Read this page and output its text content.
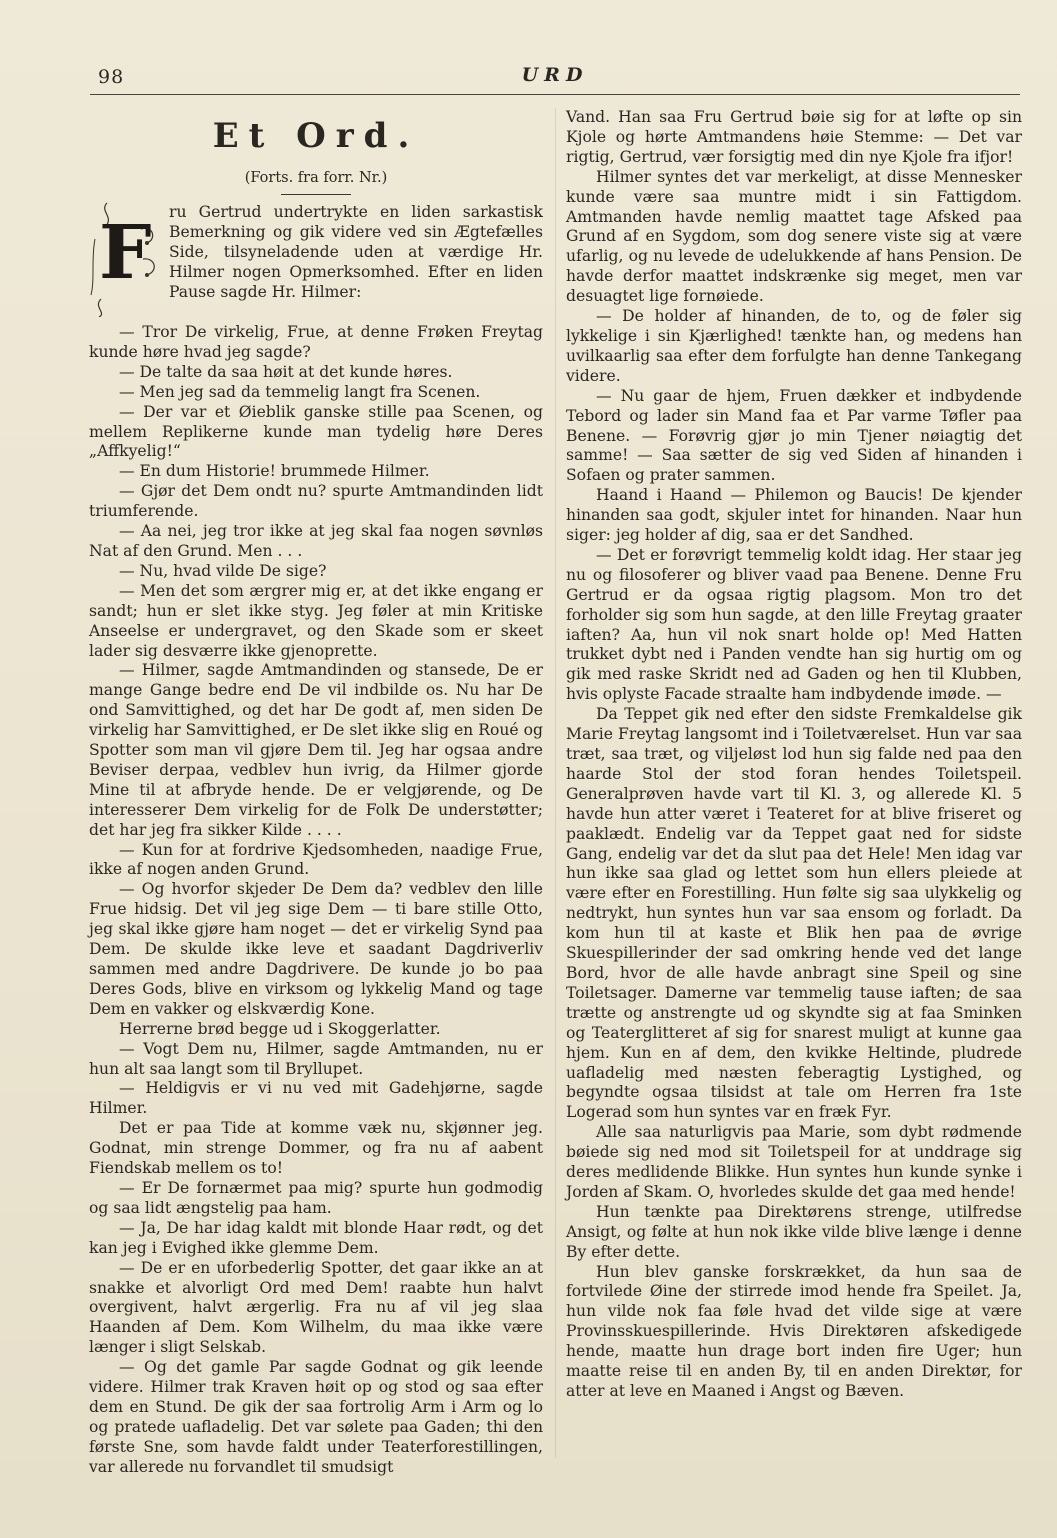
98	URD
Et Ord.
(Forts. fra forr. Nr.)
F	ru Gertrud undertrykte en liden sarkastisk Bemerkning og gik videre ved sin Ægtefælles Side, tilsyneladende uden at værdige Hr. Hilmer nogen Opmerksomhed. Efter en liden Pause sagde Hr. Hilmer:

— Tror De virkelig, Frue, at denne Frøken Freytag kunde høre hvad jeg sagde?

— De talte da saa høit at det kunde høres.

— Men jeg sad da temmelig langt fra Scenen.

— Der var et Øieblik ganske stille paa Scenen, og mellem Replikerne kunde man tydelig høre Deres „Affkyelig!“

— En dum Historie! brummede Hilmer.

— Gjør det Dem ondt nu? spurte Amtmandinden lidt triumferende.

— Aa nei, jeg tror ikke at jeg skal faa nogen søvnløs Nat af den Grund. Men . . .

— Nu, hvad vilde De sige?

— Men det som ærgrer mig er, at det ikke engang er sandt; hun er slet ikke styg. Jeg føler at min Kritiske Anseelse er undergravet, og den Skade som er skeet lader sig desværre ikke gjenoprette.

— Hilmer, sagde Amtmandinden og stansede, De er mange Gange bedre end De vil indbilde os. Nu har De ond Samvittighed, og det har De godt af, men siden De virkelig har Samvittighed, er De slet ikke slig en Roué og Spotter som man vil gjøre Dem til. Jeg har ogsaa andre Beviser derpaa, vedblev hun ivrig, da Hilmer gjorde Mine til at afbryde hende. De er velgjørende, og De interesserer Dem virkelig for de Folk De understøtter; det har jeg fra sikker Kilde . . . .

— Kun for at fordrive Kjedsomheden, naadige Frue, ikke af nogen anden Grund.

— Og hvorfor skjeder De Dem da? vedblev den lille Frue hidsig. Det vil jeg sige Dem — ti bare stille Otto, jeg skal ikke gjøre ham noget — det er virkelig Synd paa Dem. De skulde ikke leve et saadant Dagdriverliv sammen med andre Dagdrivere. De kunde jo bo paa Deres Gods, blive en virksom og lykkelig Mand og tage Dem en vakker og elskværdig Kone.

Herrerne brød begge ud i Skoggerlatter.

— Vogt Dem nu, Hilmer, sagde Amtmanden, nu er hun alt saa langt som til Bryllupet.

— Heldigvis er vi nu ved mit Gadehjørne, sagde Hilmer.

Det er paa Tide at komme væk nu, skjønner jeg. Godnat, min strenge Dommer, og fra nu af aabent Fiendskab mellem os to!

— Er De fornærmet paa mig? spurte hun godmodig og saa lidt ængstelig paa ham.

— Ja, De har idag kaldt mit blonde Haar rødt, og det kan jeg i Evighed ikke glemme Dem.

— De er en uforbederlig Spotter, det gaar ikke an at snakke et alvorligt Ord med Dem! raabte hun halvt overgivent, halvt ærgerlig. Fra nu af vil jeg slaa Haanden af Dem. Kom Wilhelm, du maa ikke være længer i sligt Selskab.

— Og det gamle Par sagde Godnat og gik leende videre. Hilmer trak Kraven høit op og stod og saa efter dem en Stund. De gik der saa fortrolig Arm i Arm og lo og pratede uafladelig. Det var sølete paa Gaden; thi den første Sne, som havde faldt under Teaterforestillingen, var allerede nu forvandlet til smudsigt

Vand. Han saa Fru Gertrud bøie sig for at løfte op sin Kjole og hørte Amtmandens høie Stemme: — Det var rigtig, Gertrud, vær forsigtig med din nye Kjole fra ifjor!

Hilmer syntes det var merkeligt, at disse Mennesker kunde være saa muntre midt i sin Fattigdom. Amtmanden havde nemlig maattet tage Afsked paa Grund af en Sygdom, som dog senere viste sig at være ufarlig, og nu levede de udelukkende af hans Pension. De havde derfor maattet indskrænke sig meget, men var desuagtet lige fornøiede.

— De holder af hinanden, de to, og de føler sig lykkelige i sin Kjærlighed! tænkte han, og medens han uvilkaarlig saa efter dem forfulgte han denne Tankegang videre.

— Nu gaar de hjem, Fruen dækker et indbydende Tebord og lader sin Mand faa et Par varme Tøfler paa Benene. — Forøvrig gjør jo min Tjener nøiagtig det samme! — Saa sætter de sig ved Siden af hinanden i Sofaen og prater sammen.

Haand i Haand — Philemon og Baucis! De kjender hinanden saa godt, skjuler intet for hinanden. Naar hun siger: jeg holder af dig, saa er det Sandhed.

— Det er forøvrigt temmelig koldt idag. Her staar jeg nu og filosoferer og bliver vaad paa Benene. Denne Fru Gertrud er da ogsaa rigtig plagsom. Mon tro det forholder sig som hun sagde, at den lille Freytag graater iaften? Aa, hun vil nok snart holde op! Med Hatten trukket dybt ned i Panden vendte han sig hurtig om og gik med raske Skridt ned ad Gaden og hen til Klubben, hvis oplyste Facade straalte ham indbydende imøde. —

Da Teppet gik ned efter den sidste Fremkaldelse gik Marie Freytag langsomt ind i Toiletværelset. Hun var saa træt, saa træt, og viljeløst lod hun sig falde ned paa den haarde Stol der stod foran hendes Toiletspeil. Generalprøven havde vart til Kl. 3, og allerede Kl. 5 havde hun atter været i Teateret for at blive friseret og paaklædt. Endelig var da Teppet gaat ned for sidste Gang, endelig var det da slut paa det Hele! Men idag var hun ikke saa glad og lettet som hun ellers pleiede at være efter en Forestilling. Hun følte sig saa ulykkelig og nedtrykt, hun syntes hun var saa ensom og forladt. Da kom hun til at kaste et Blik hen paa de øvrige Skuespillerinder der sad omkring hende ved det lange Bord, hvor de alle havde anbragt sine Speil og sine Toiletsager. Damerne var temmelig tause iaften; de saa trætte og anstrengte ud og skyndte sig at faa Sminken og Teaterglitteret af sig for snarest muligt at kunne gaa hjem. Kun en af dem, den kvikke Heltinde, pludrede uafladelig med næsten feberagtig Lystighed, og begyndte ogsaa tilsidst at tale om Herren fra 1ste Logerad som hun syntes var en fræk Fyr.

Alle saa naturligvis paa Marie, som dybt rødmende bøiede sig ned mod sit Toiletspeil for at unddrage sig deres medlidende Blikke. Hun syntes hun kunde synke i Jorden af Skam. O, hvorledes skulde det gaa med hende!

Hun tænkte paa Direktørens strenge, utilfredse Ansigt, og følte at hun nok ikke vilde blive længe i denne By efter dette.

Hun blev ganske forskrækket, da hun saa de fortvilede Øine der stirrede imod hende fra Speilet. Ja, hun vilde nok faa føle hvad det vilde sige at være Provinsskuespillerinde. Hvis Direktøren afskedigede hende, maatte hun drage bort inden fire Uger; hun maatte reise til en anden By, til en anden Direktør, for atter at leve en Maaned i Angst og Bæven.
